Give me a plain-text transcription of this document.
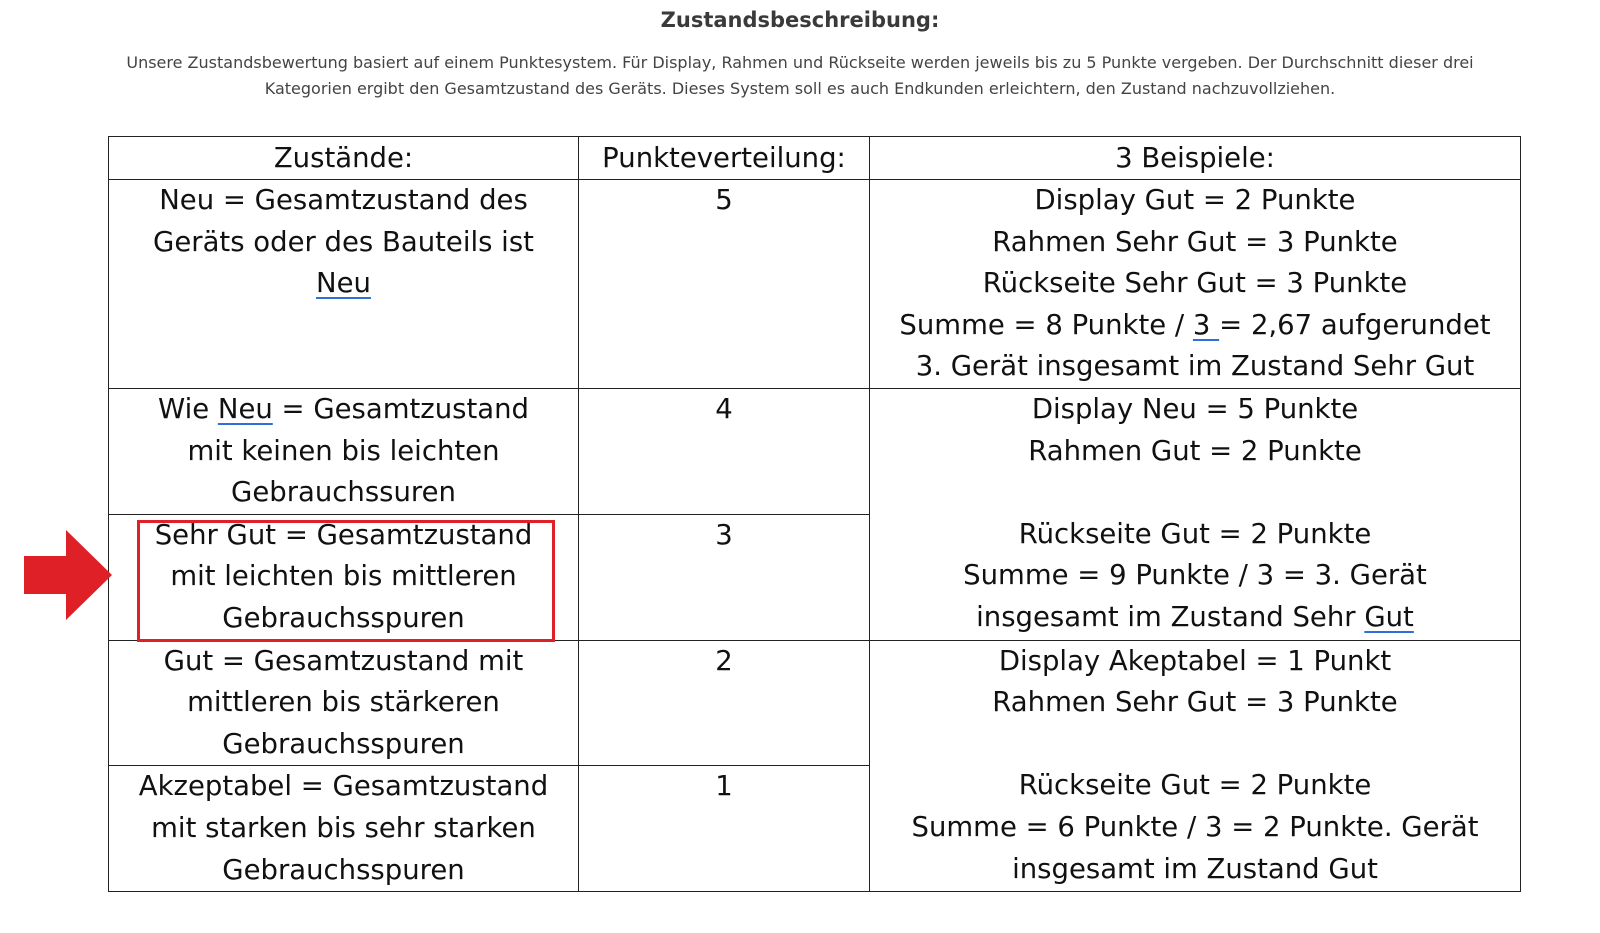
Zustandsbeschreibung:

Unsere Zustandsbewertung basiert auf einem Punktesystem. Für Display, Rahmen und Rückseite werden jeweils bis zu 5 Punkte vergeben. Der Durchschnitt dieser drei
Kategorien ergibt den Gesamtzustand des Geräts. Dieses System soll es auch Endkunden erleichtern, den Zustand nachzuvollziehen.

Zustände:	Punkteverteilung:	3 Beispiele:

Neu = Gesamtzustand des
Geräts oder des Bauteils ist
Neu	5	Display Gut = 2 Punkte
Rahmen Sehr Gut = 3 Punkte
Rückseite Sehr Gut = 3 Punkte
Summe = 8 Punkte / 3 = 2,67 aufgerundet
3. Gerät insgesamt im Zustand Sehr Gut

Wie Neu = Gesamtzustand
mit keinen bis leichten
Gebrauchssuren	4	Display Neu = 5 Punkte
Rahmen Gut = 2 Punkte

Rückseite Gut = 2 Punkte
Summe = 9 Punkte / 3 = 3. Gerät
insgesamt im Zustand Sehr Gut

Sehr Gut = Gesamtzustand
mit leichten bis mittleren
Gebrauchsspuren	3	

Gut = Gesamtzustand mit
mittleren bis stärkeren
Gebrauchsspuren	2	Display Akeptabel = 1 Punkt
Rahmen Sehr Gut = 3 Punkte

Rückseite Gut = 2 Punkte
Summe = 6 Punkte / 3 = 2 Punkte. Gerät
insgesamt im Zustand Gut

Akzeptabel = Gesamtzustand
mit starken bis sehr starken
Gebrauchsspuren	1	
